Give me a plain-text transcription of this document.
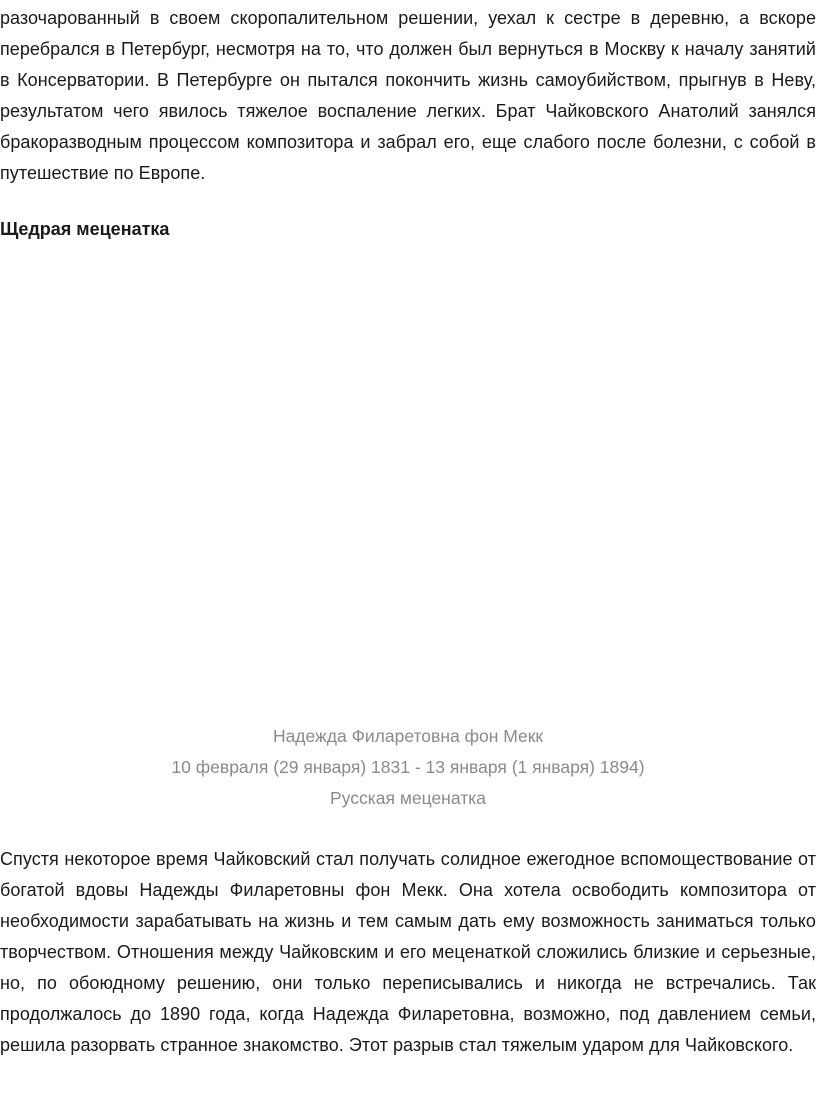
разочарованный в своем скоропалительном решении, уехал к сестре в деревню, а вскоре перебрался в Петербург, несмотря на то, что должен был вернуться в Москву к началу занятий в Консерватории. В Петербурге он пытался покончить жизнь самоубийством, прыгнув в Неву, результатом чего явилось тяжелое воспаление легких. Брат Чайковского Анатолий занялся бракоразводным процессом композитора и забрал его, еще слабого после болезни, с собой в путешествие по Европе.

Щедрая меценатка
Надежда Филаретовна фон Мекк
10 февраля (29 января) 1831 - 13 января (1 января) 1894)
Русская меценатка

Спустя некоторое время Чайковский стал получать солидное ежегодное вспомоществование от богатой вдовы Надежды Филаретовны фон Мекк. Она хотела освободить композитора от необходимости зарабатывать на жизнь и тем самым дать ему возможность заниматься только творчеством. Отношения между Чайковским и его меценаткой сложились близкие и серьезные, но, по обоюдному решению, они только переписывались и никогда не встречались. Так продолжалось до 1890 года, когда Надежда Филаретовна, возможно, под давлением семьи, решила разорвать странное знакомство. Этот разрыв стал тяжелым ударом для Чайковского.
